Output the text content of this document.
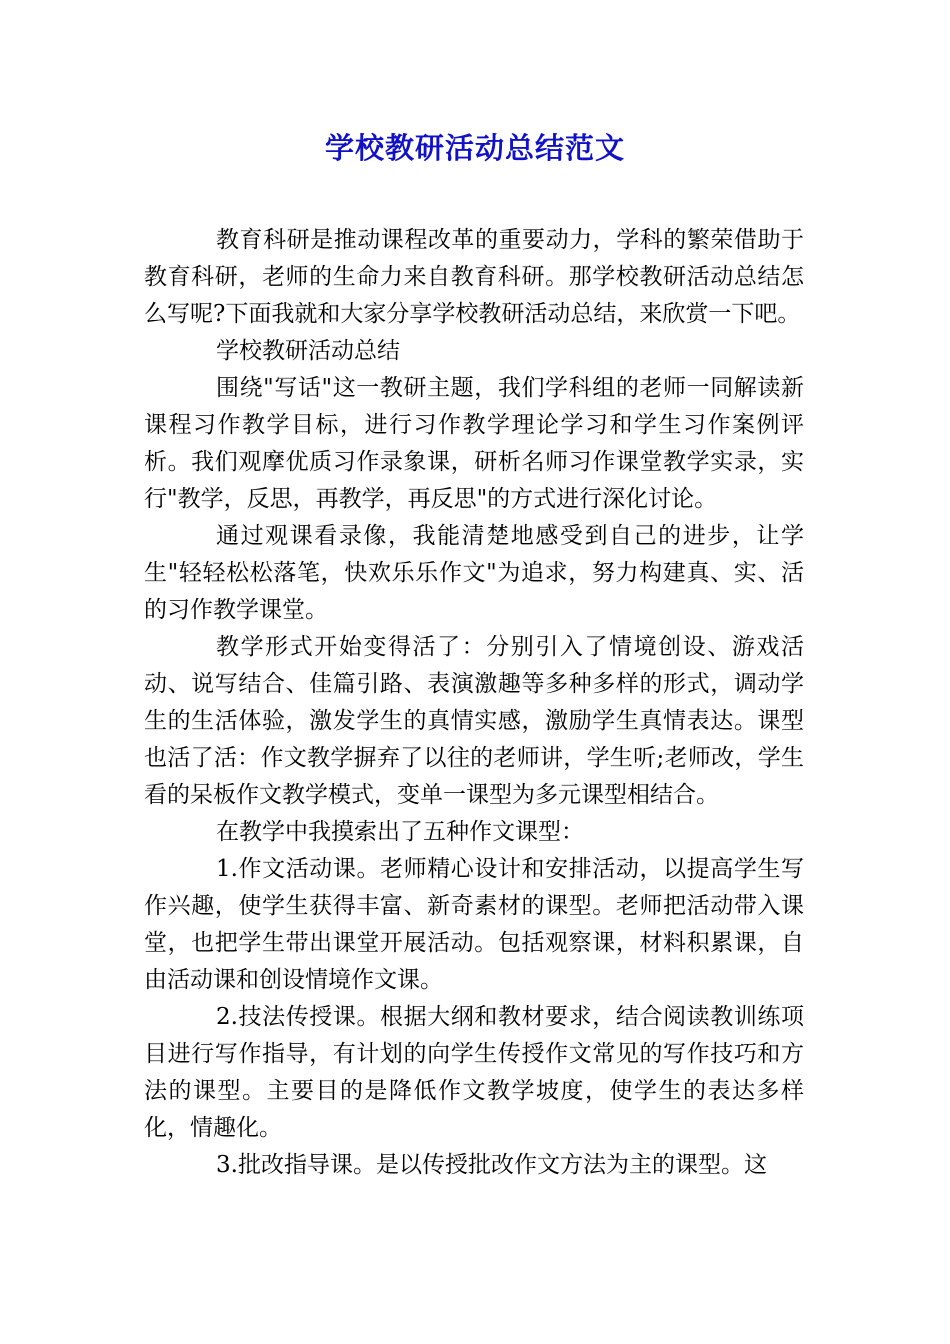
学校教研活动总结范文

教育科研是推动课程改革的重要动力，学科的繁荣借助于教育科研，老师的生命力来自教育科研。那学校教研活动总结怎么写呢?下面我就和大家分享学校教研活动总结，来欣赏一下吧。

学校教研活动总结

围绕"写话"这一教研主题，我们学科组的老师一同解读新课程习作教学目标，进行习作教学理论学习和学生习作案例评析。我们观摩优质习作录象课，研析名师习作课堂教学实录，实行"教学，反思，再教学，再反思"的方式进行深化讨论。

通过观课看录像，我能清楚地感受到自己的进步，让学生"轻轻松松落笔，快欢乐乐作文"为追求，努力构建真、实、活的习作教学课堂。

教学形式开始变得活了：分别引入了情境创设、游戏活动、说写结合、佳篇引路、表演激趣等多种多样的形式，调动学生的生活体验，激发学生的真情实感，激励学生真情表达。课型也活了活：作文教学摒弃了以往的老师讲，学生听;老师改，学生看的呆板作文教学模式，变单一课型为多元课型相结合。

在教学中我摸索出了五种作文课型：

1.作文活动课。老师精心设计和安排活动，以提高学生写作兴趣，使学生获得丰富、新奇素材的课型。老师把活动带入课堂，也把学生带出课堂开展活动。包括观察课，材料积累课，自由活动课和创设情境作文课。

2.技法传授课。根据大纲和教材要求，结合阅读教训练项目进行写作指导，有计划的向学生传授作文常见的写作技巧和方法的课型。主要目的是降低作文教学坡度，使学生的表达多样化，情趣化。

3.批改指导课。是以传授批改作文方法为主的课型。这
